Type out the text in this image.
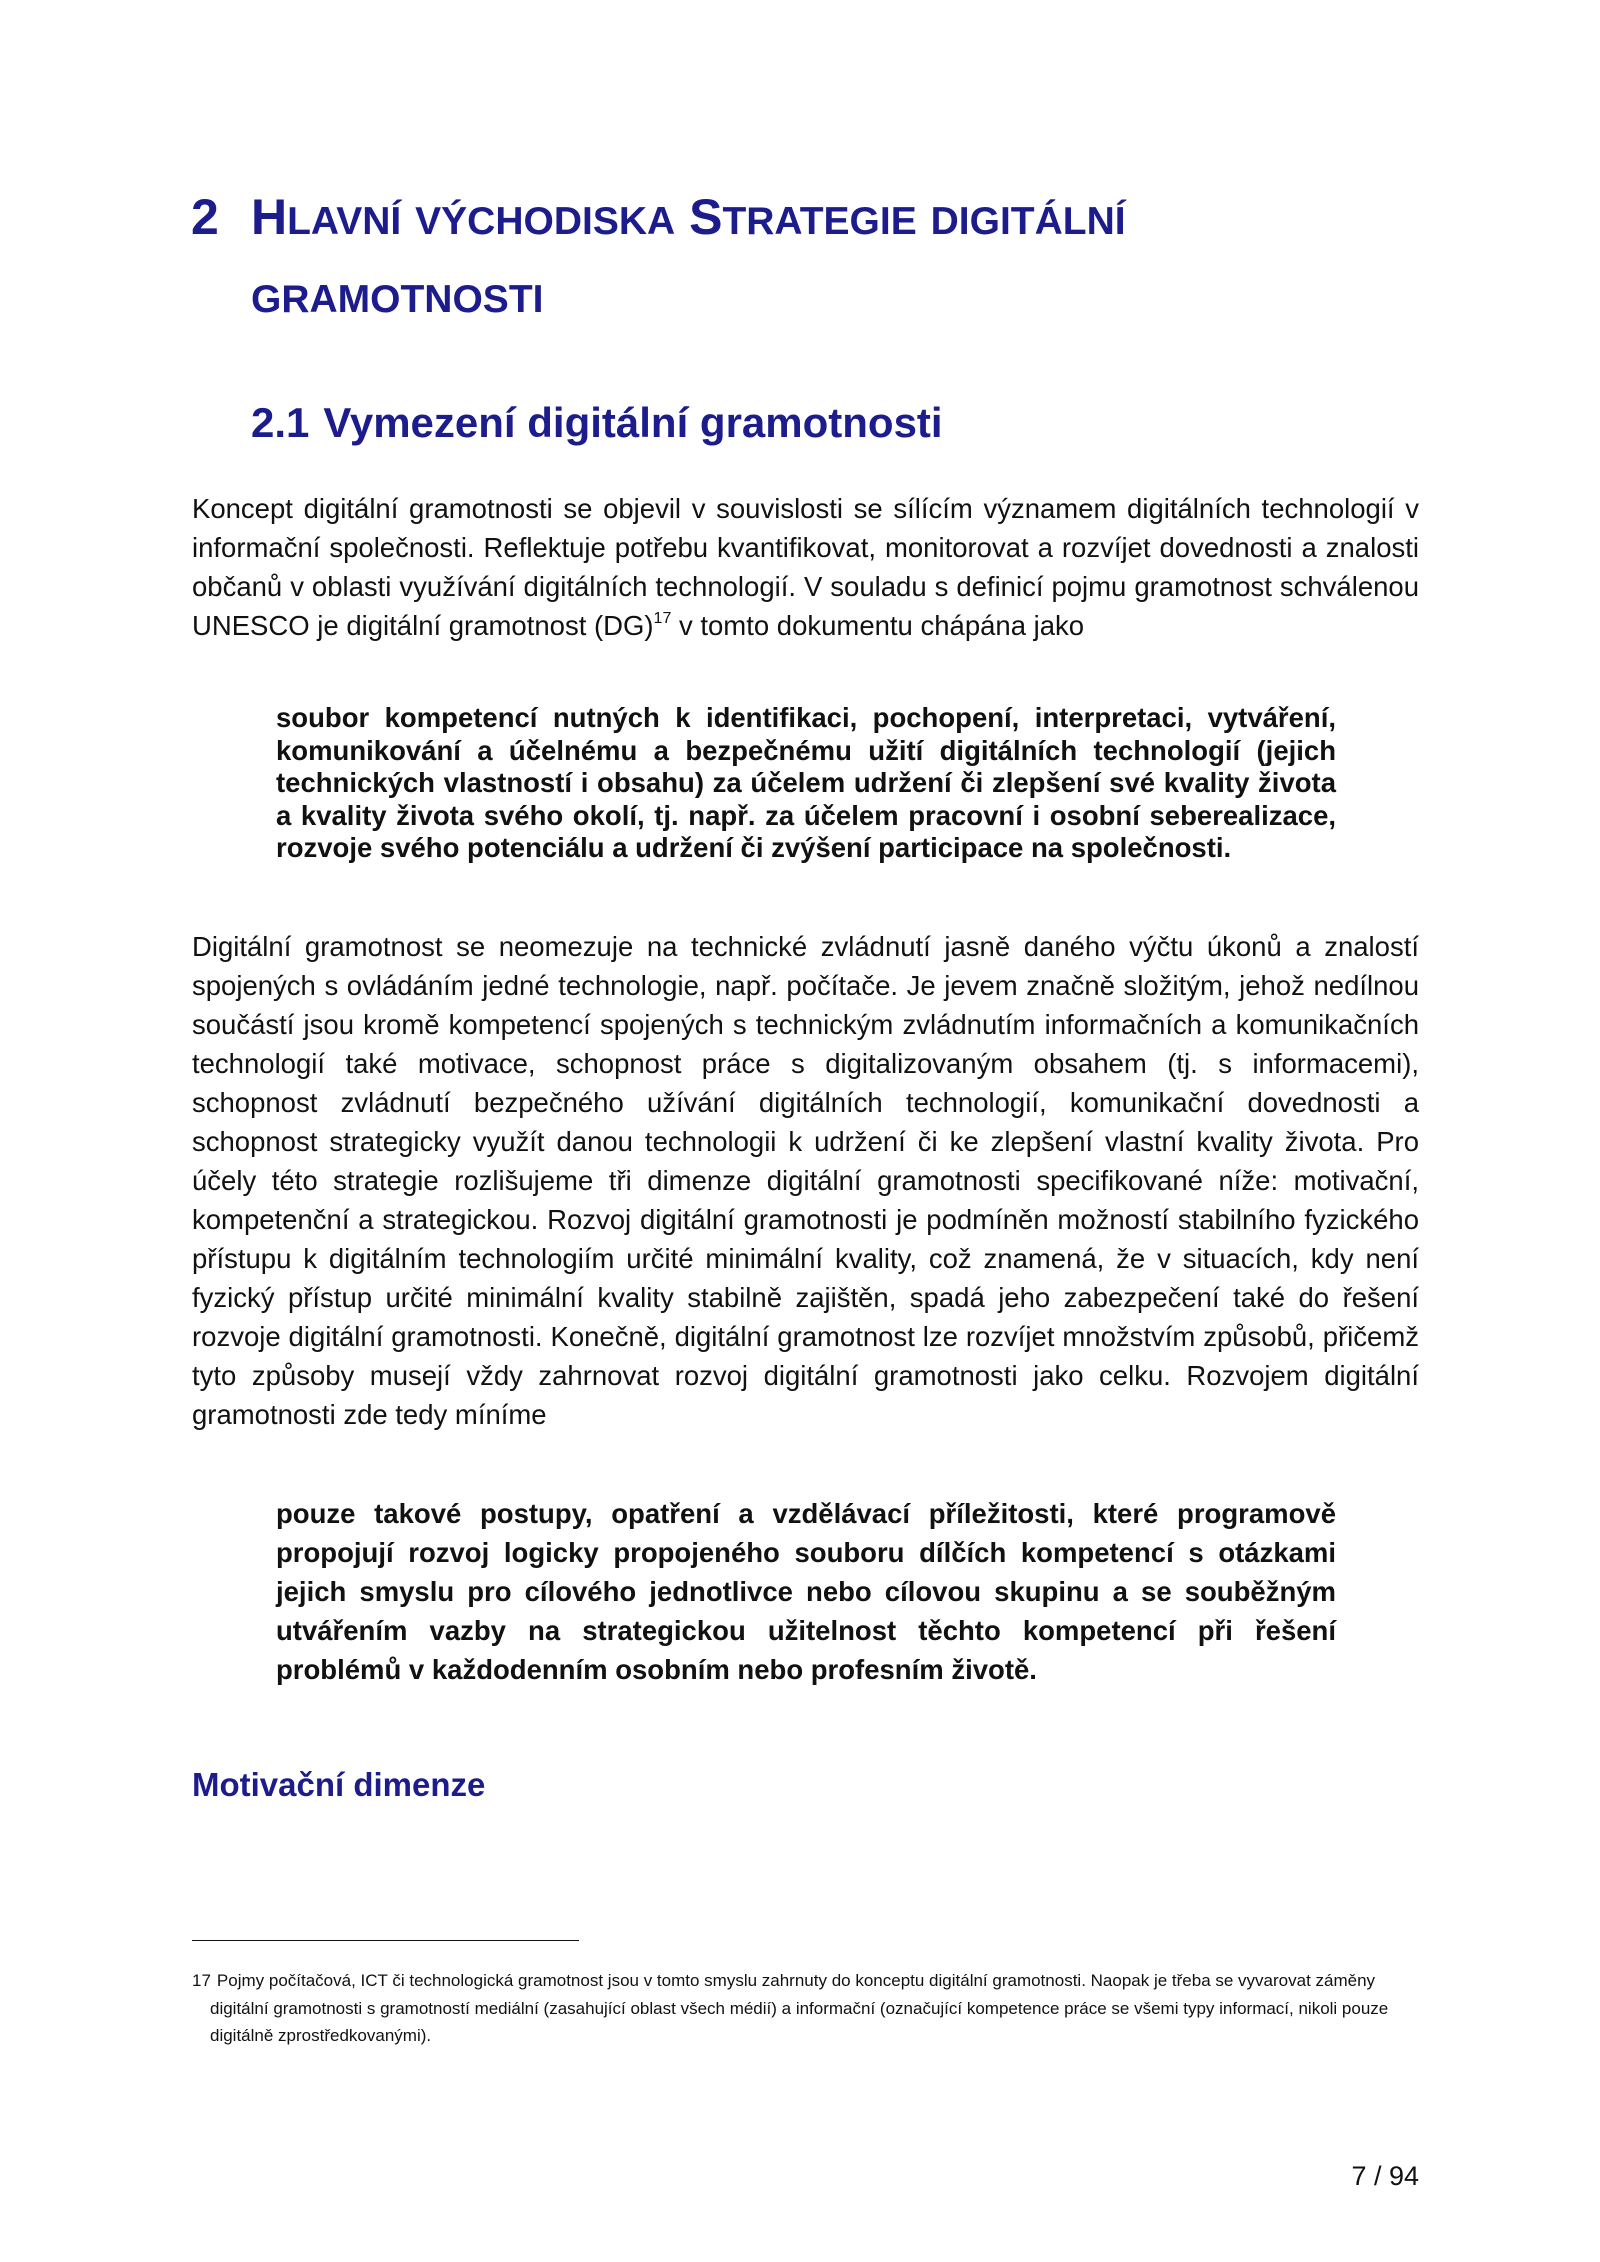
2 HLAVNÍ VÝCHODISKA STRATEGIE DIGITÁLNÍ
GRAMOTNOSTI
2.1 Vymezení digitální gramotnosti

Koncept digitální gramotnosti se objevil v souvislosti se sílícím významem digitálních technologií v informační společnosti. Reflektuje potřebu kvantifikovat, monitorovat a rozvíjet dovednosti a znalosti občanů v oblasti využívání digitálních technologií. V souladu s definicí pojmu gramotnost schválenou UNESCO je digitální gramotnost (DG)$^{17}$ v tomto dokumentu chápána jako

soubor kompetencí nutných k identifikaci, pochopení, interpretaci, vytváření, komunikování a účelnému a bezpečnému užití digitálních technologií (jejich technických vlastností i obsahu) za účelem udržení či zlepšení své kvality života a kvality života svého okolí, tj. např. za účelem pracovní i osobní seberealizace, rozvoje svého potenciálu a udržení či zvýšení participace na společnosti.

Digitální gramotnost se neomezuje na technické zvládnutí jasně daného výčtu úkonů a znalostí spojených s ovládáním jedné technologie, např. počítače. Je jevem značně složitým, jehož nedílnou součástí jsou kromě kompetencí spojených s technickým zvládnutím informačních a komunikačních technologií také motivace, schopnost práce s digitalizovaným obsahem (tj. s informacemi), schopnost zvládnutí bezpečného užívání digitálních technologií, komunikační dovednosti a schopnost strategicky využít danou technologii k udržení či ke zlepšení vlastní kvality života. Pro účely této strategie rozlišujeme tři dimenze digitální gramotnosti specifikované níže: motivační, kompetenční a strategickou. Rozvoj digitální gramotnosti je podmíněn možností stabilního fyzického přístupu k digitálním technologiím určité minimální kvality, což znamená, že v situacích, kdy není fyzický přístup určité minimální kvality stabilně zajištěn, spadá jeho zabezpečení také do řešení rozvoje digitální gramotnosti. Konečně, digitální gramotnost lze rozvíjet množstvím způsobů, přičemž tyto způsoby musejí vždy zahrnovat rozvoj digitální gramotnosti jako celku. Rozvojem digitální gramotnosti zde tedy míníme

pouze takové postupy, opatření a vzdělávací příležitosti, které programově propojují rozvoj logicky propojeného souboru dílčích kompetencí s otázkami jejich smyslu pro cílového jednotlivce nebo cílovou skupinu a se souběžným utvářením vazby na strategickou užitelnost těchto kompetencí při řešení problémů v každodenním osobním nebo profesním životě.

Motivační dimenze

17 Pojmy počítačová, ICT či technologická gramotnost jsou v tomto smyslu zahrnuty do konceptu digitální gramotnosti. Naopak je třeba se vyvarovat záměny digitální gramotnosti s gramotností mediální (zasahující oblast všech médií) a informační (označující kompetence práce se všemi typy informací, nikoli pouze digitálně zprostředkovanými).

7 / 94
